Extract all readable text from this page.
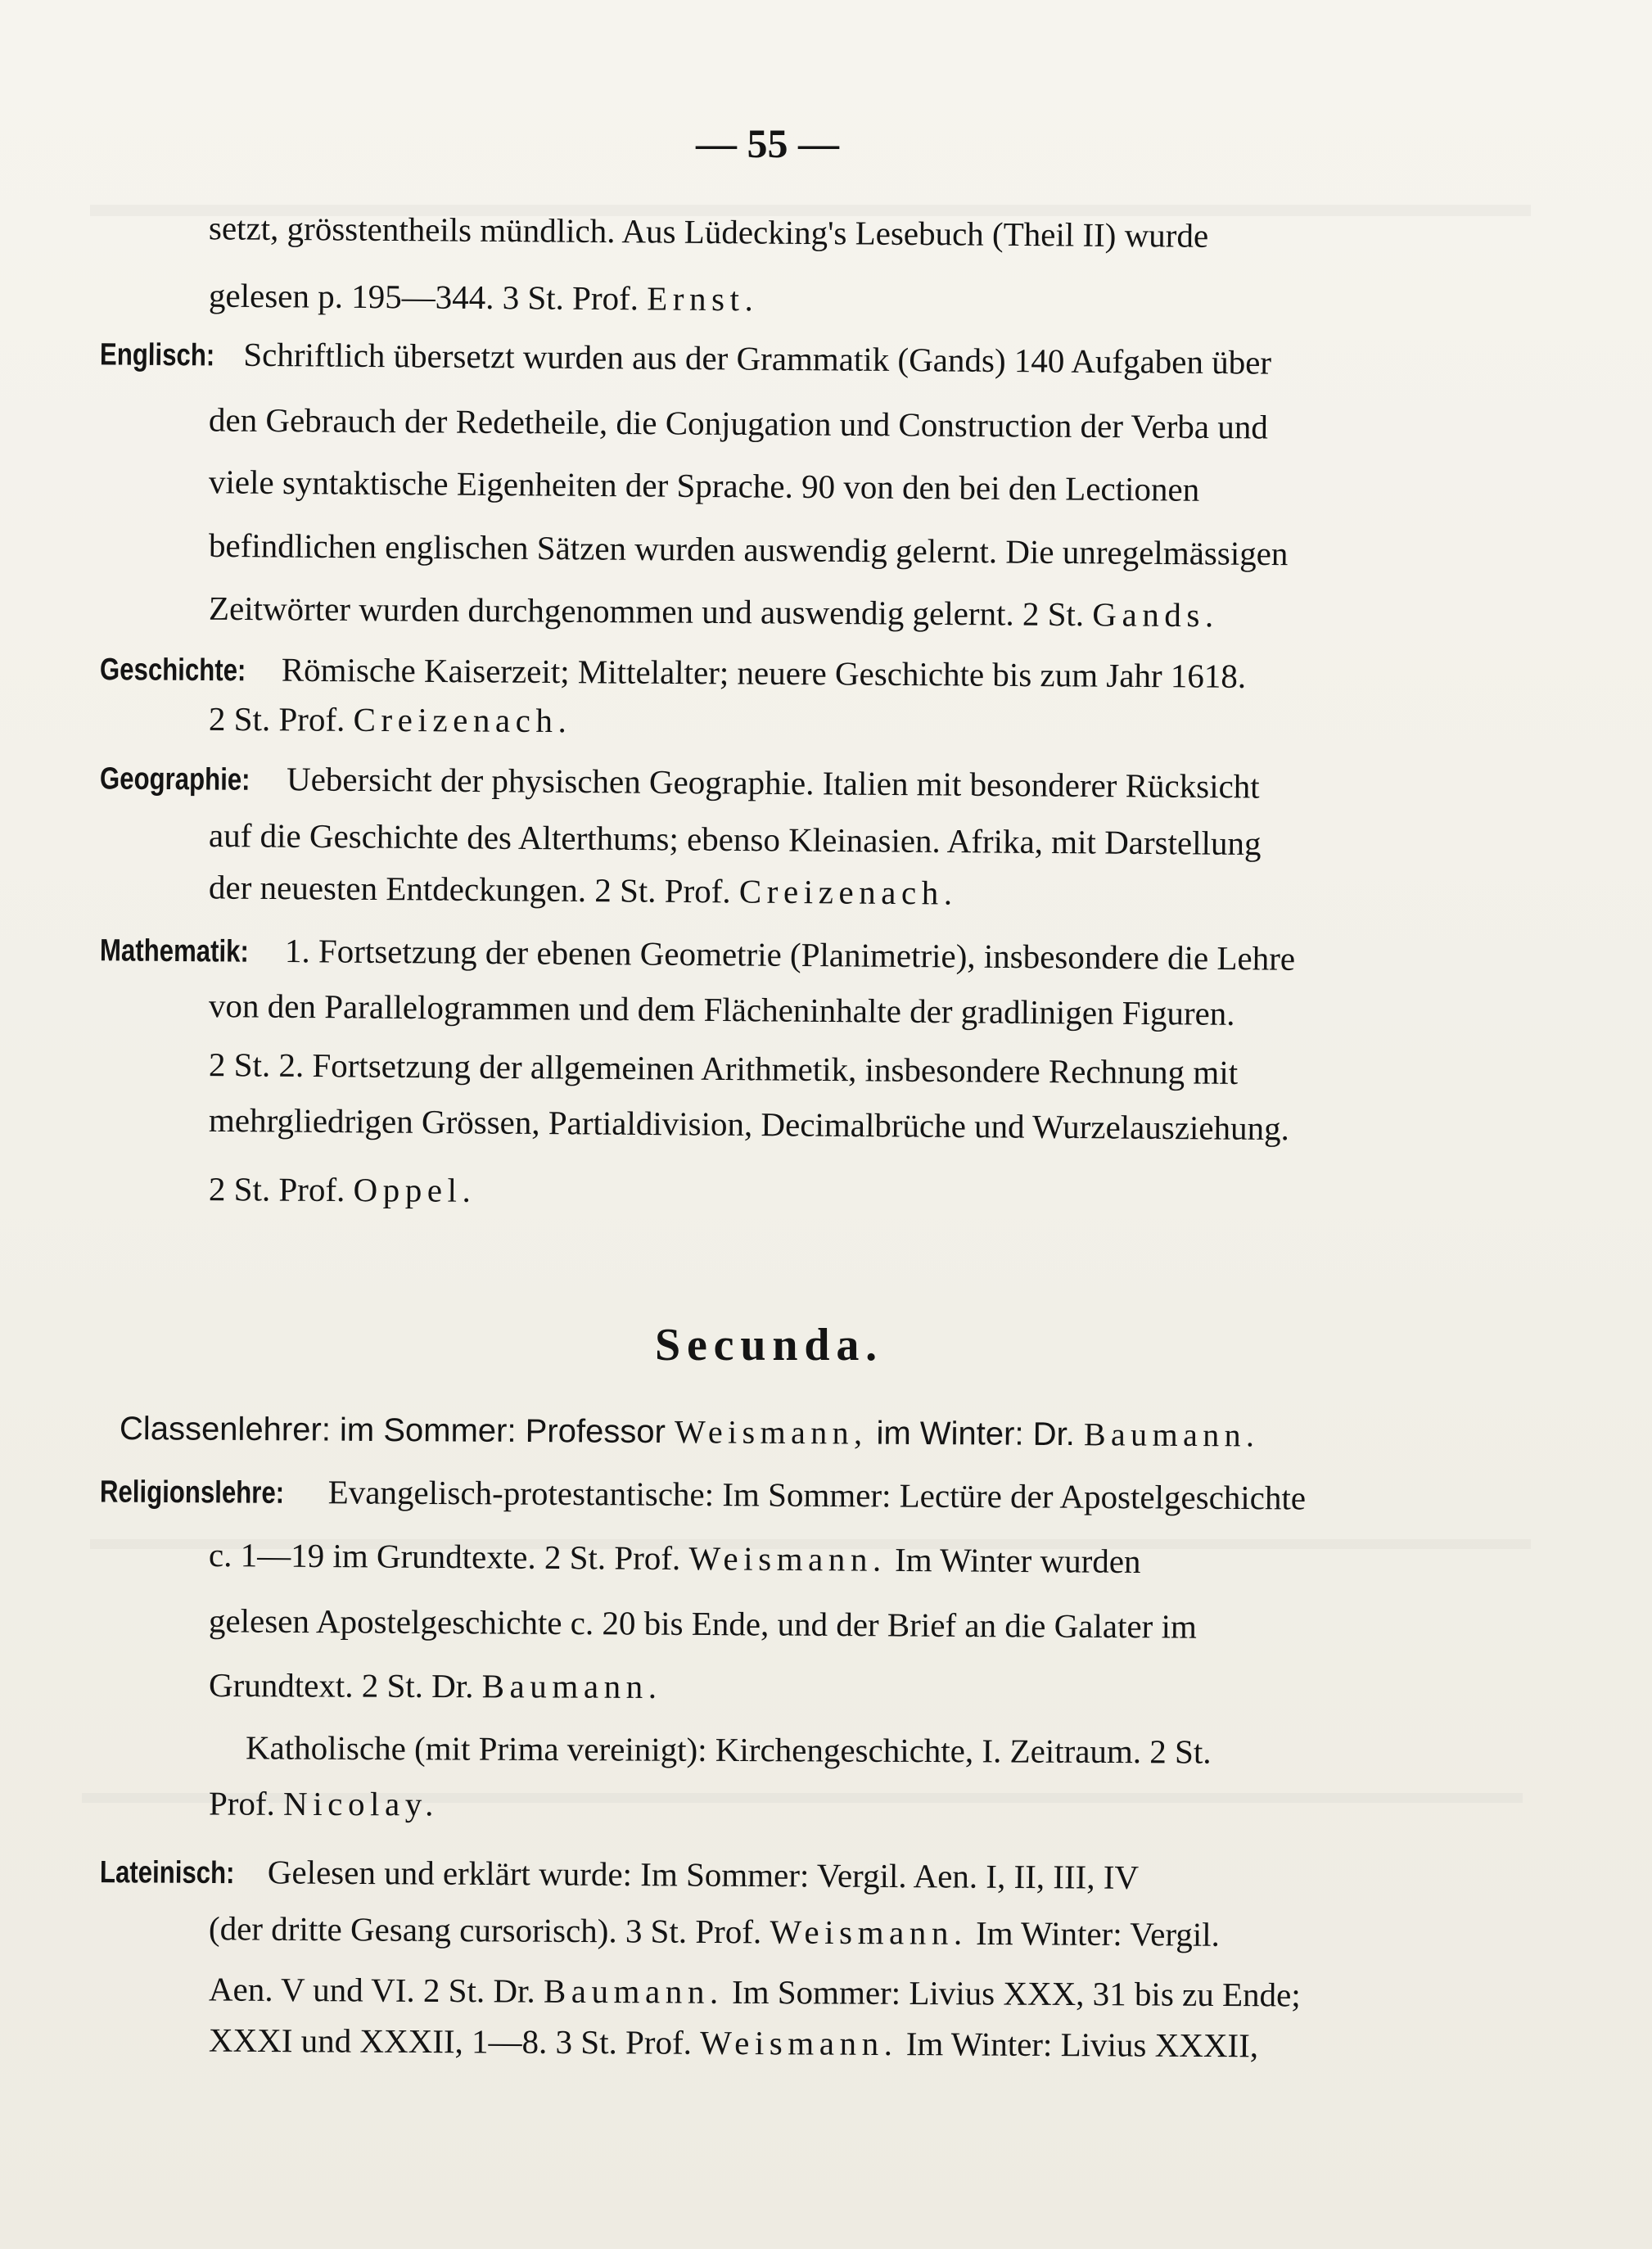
— 55 —
setzt, grösstentheils mündlich. Aus Lüdecking's Lesebuch (Theil II) wurde
gelesen p. 195—344. 3 St. Prof. Ernst.
Englisch: Schriftlich übersetzt wurden aus der Grammatik (Gands) 140 Aufgaben über
den Gebrauch der Redetheile, die Conjugation und Construction der Verba und
viele syntaktische Eigenheiten der Sprache. 90 von den bei den Lectionen
befindlichen englischen Sätzen wurden auswendig gelernt. Die unregelmässigen
Zeitwörter wurden durchgenommen und auswendig gelernt. 2 St. Gands.
Geschichte: Römische Kaiserzeit; Mittelalter; neuere Geschichte bis zum Jahr 1618.
2 St. Prof. Creizenach.
Geographie: Uebersicht der physischen Geographie. Italien mit besonderer Rücksicht
auf die Geschichte des Alterthums; ebenso Kleinasien. Afrika, mit Darstellung
der neuesten Entdeckungen. 2 St. Prof. Creizenach.
Mathematik: 1. Fortsetzung der ebenen Geometrie (Planimetrie), insbesondere die Lehre
von den Parallelogrammen und dem Flächeninhalte der gradlinigen Figuren.
2 St. 2. Fortsetzung der allgemeinen Arithmetik, insbesondere Rechnung mit
mehrgliedrigen Grössen, Partialdivision, Decimalbrüche und Wurzelausziehung.
2 St. Prof. Oppel.
Secunda.
Classenlehrer: im Sommer: Professor Weismann, im Winter: Dr. Baumann.
Religionslehre: Evangelisch-protestantische: Im Sommer: Lectüre der Apostelgeschichte
c. 1—19 im Grundtexte. 2 St. Prof. Weismann. Im Winter wurden
gelesen Apostelgeschichte c. 20 bis Ende, und der Brief an die Galater im
Grundtext. 2 St. Dr. Baumann.
Katholische (mit Prima vereinigt): Kirchengeschichte, I. Zeitraum. 2 St.
Prof. Nicolay.
Lateinisch: Gelesen und erklärt wurde: Im Sommer: Vergil. Aen. I, II, III, IV
(der dritte Gesang cursorisch). 3 St. Prof. Weismann. Im Winter: Vergil.
Aen. V und VI. 2 St. Dr. Baumann. Im Sommer: Livius XXX, 31 bis zu Ende;
XXXI und XXXII, 1—8. 3 St. Prof. Weismann. Im Winter: Livius XXXII,
